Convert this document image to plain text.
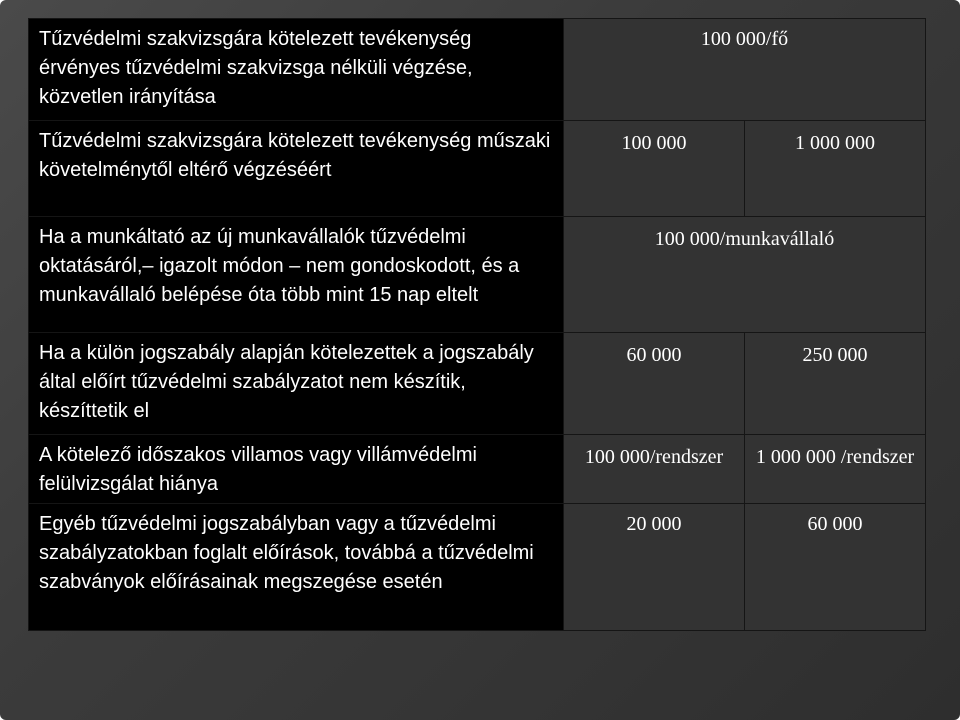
Tűzvédelmi szakvizsgára kötelezett tevékenység érvényes tűzvédelmi szakvizsga nélküli végzése, közvetlen irányítása	100 000/fő	

Tűzvédelmi szakvizsgára kötelezett tevékenység műszaki követelménytől eltérő végzéséért	100 000	1 000 000

Ha a munkáltató az új munkavállalók tűzvédelmi oktatásáról,– igazolt módon – nem gondoskodott, és a munkavállaló belépése óta több mint 15 nap eltelt	100 000/munkavállaló	

Ha a külön jogszabály alapján kötelezettek a jogszabály által előírt tűzvédelmi szabályzatot nem készítik, készíttetik el	60 000	250 000

A kötelező időszakos villamos vagy villámvédelmi felülvizsgálat hiánya	100 000/rendszer	1 000 000 /rendszer

Egyéb tűzvédelmi jogszabályban vagy a tűzvédelmi szabályzatokban foglalt előírások, továbbá a tűzvédelmi szabványok előírásainak megszegése esetén	20 000	60 000
